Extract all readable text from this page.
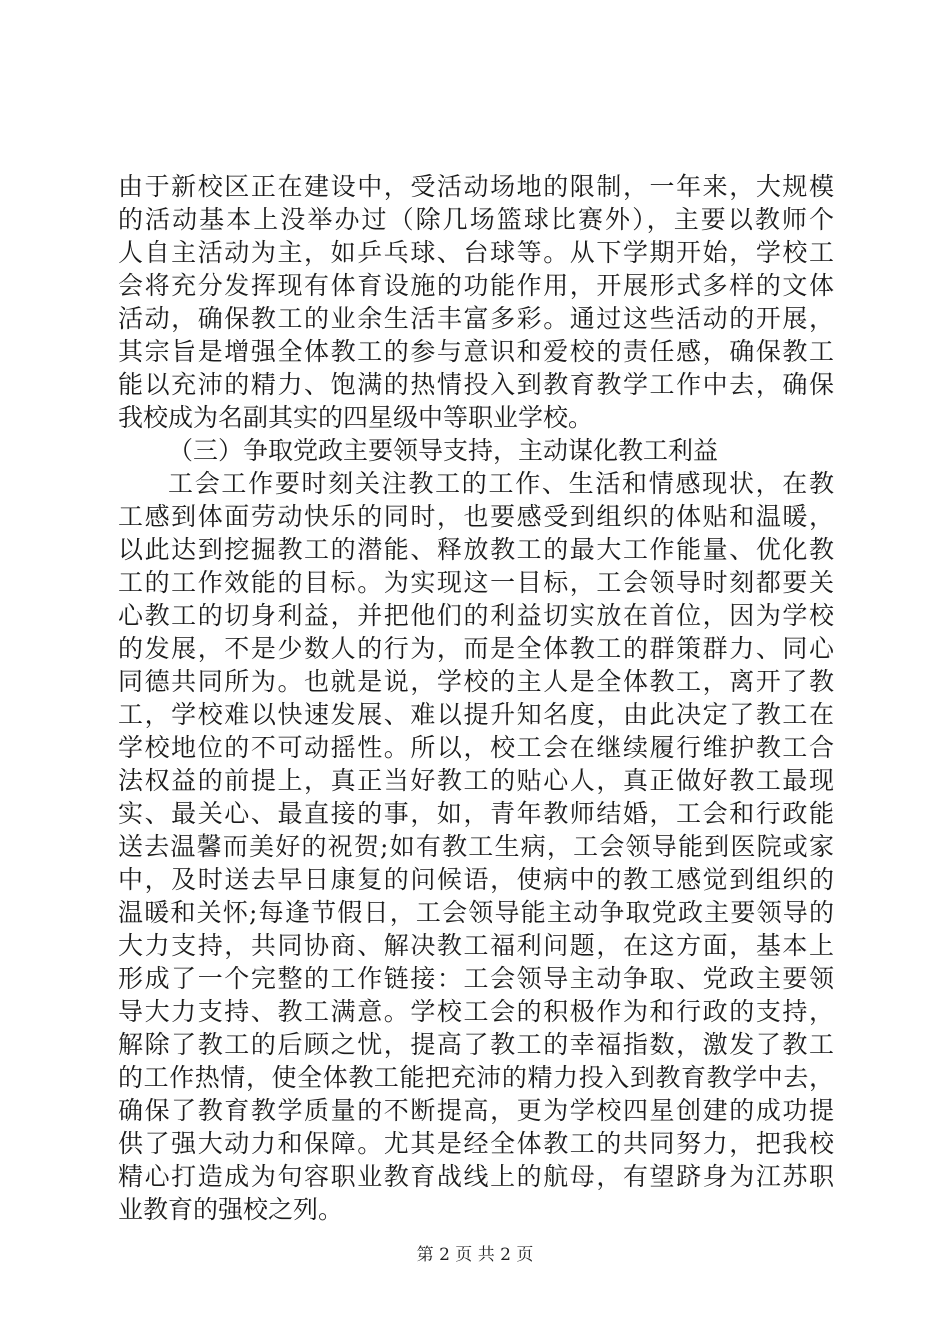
由于新校区正在建设中，受活动场地的限制，一年来，大规模
的活动基本上没举办过（除几场篮球比赛外），主要以教师个
人自主活动为主，如乒乓球、台球等。从下学期开始，学校工
会将充分发挥现有体育设施的功能作用，开展形式多样的文体
活动，确保教工的业余生活丰富多彩。通过这些活动的开展，
其宗旨是增强全体教工的参与意识和爱校的责任感，确保教工
能以充沛的精力、饱满的热情投入到教育教学工作中去，确保
我校成为名副其实的四星级中等职业学校。
（三）争取党政主要领导支持，主动谋化教工利益
工会工作要时刻关注教工的工作、生活和情感现状，在教
工感到体面劳动快乐的同时，也要感受到组织的体贴和温暖，
以此达到挖掘教工的潜能、释放教工的最大工作能量、优化教
工的工作效能的目标。为实现这一目标，工会领导时刻都要关
心教工的切身利益，并把他们的利益切实放在首位，因为学校
的发展，不是少数人的行为，而是全体教工的群策群力、同心
同德共同所为。也就是说，学校的主人是全体教工，离开了教
工，学校难以快速发展、难以提升知名度，由此决定了教工在
学校地位的不可动摇性。所以，校工会在继续履行维护教工合
法权益的前提上，真正当好教工的贴心人，真正做好教工最现
实、最关心、最直接的事，如，青年教师结婚，工会和行政能
送去温馨而美好的祝贺;如有教工生病，工会领导能到医院或家
中，及时送去早日康复的问候语，使病中的教工感觉到组织的
温暖和关怀;每逢节假日，工会领导能主动争取党政主要领导的
大力支持，共同协商、解决教工福利问题，在这方面，基本上
形成了一个完整的工作链接：工会领导主动争取、党政主要领
导大力支持、教工满意。学校工会的积极作为和行政的支持，
解除了教工的后顾之忧，提高了教工的幸福指数，激发了教工
的工作热情，使全体教工能把充沛的精力投入到教育教学中去，
确保了教育教学质量的不断提高，更为学校四星创建的成功提
供了强大动力和保障。尤其是经全体教工的共同努力，把我校
精心打造成为句容职业教育战线上的航母，有望跻身为江苏职
业教育的强校之列。
第 2 页 共 2 页
